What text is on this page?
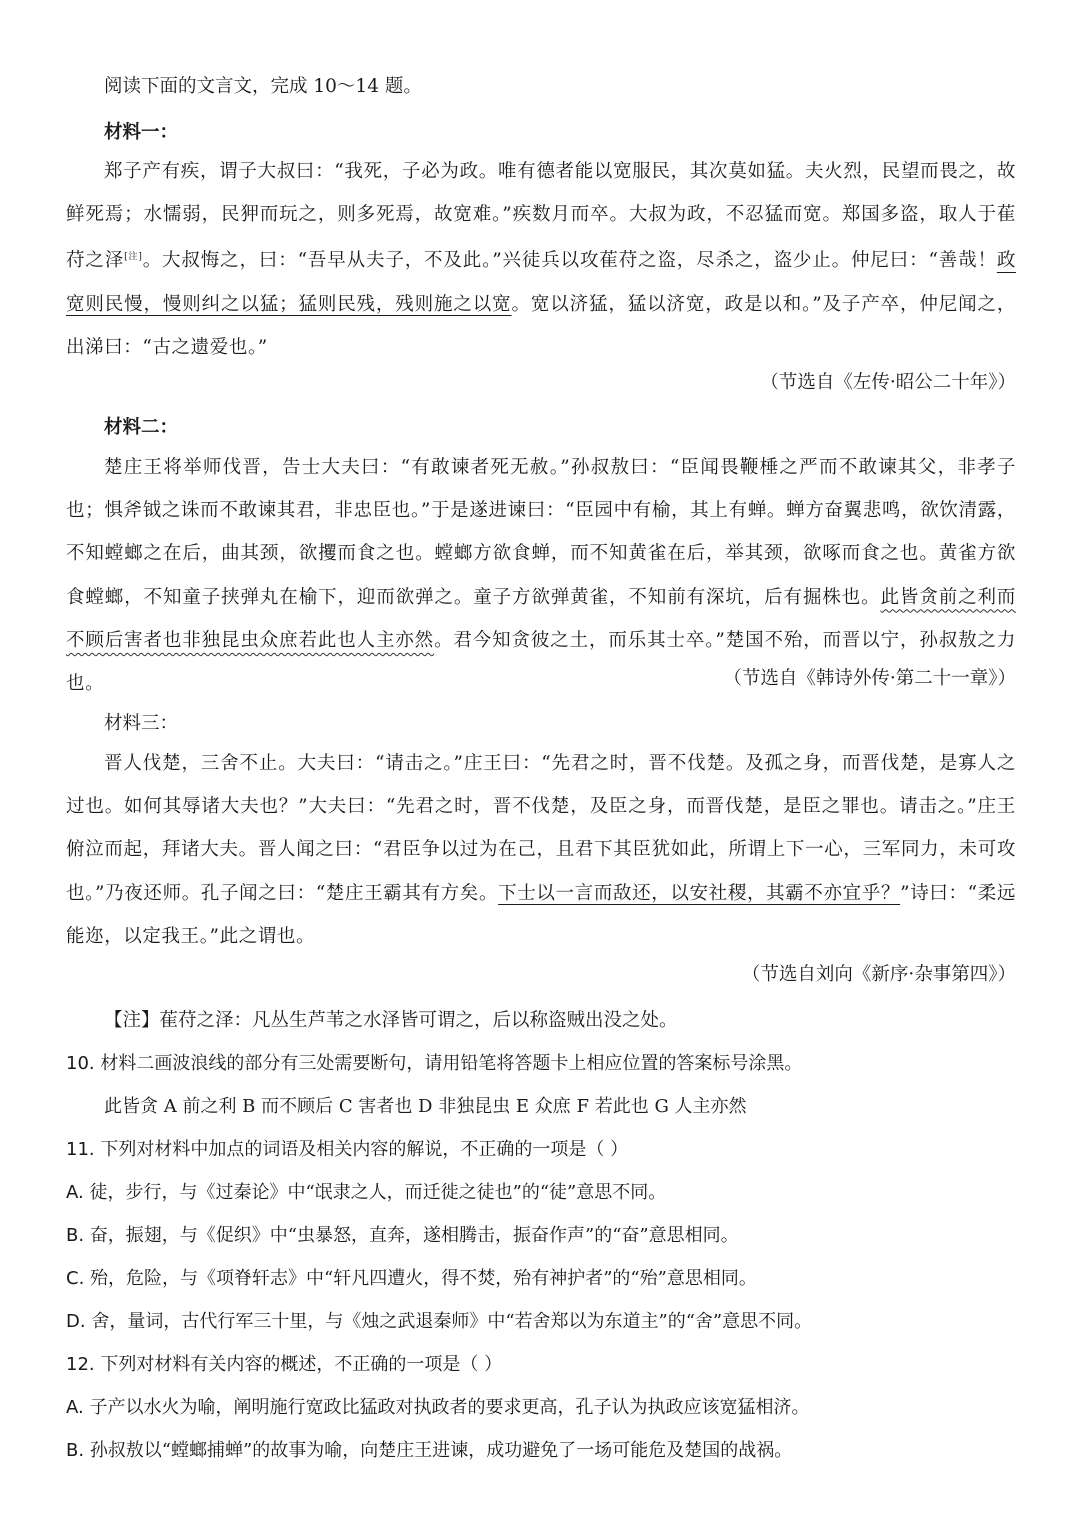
阅读下面的文言文，完成 10～14 题。
材料一：

郑子产有疾，谓子大叔曰：“我死，子必为政。唯有德者能以宽服民，其次莫如猛。夫火烈，民望而畏之，故鲜死焉；水懦弱，民狎而玩之，则多死焉，故宽难。”疾数月而卒。大叔为政，不忍猛而宽。郑国多盗，取人于萑苻之泽[注]。大叔悔之，曰：“吾早从夫子，不及此。”兴徒兵以攻萑苻之盗，尽杀之，盗少止。仲尼曰：“善哉！政宽则民慢，慢则纠之以猛；猛则民残，残则施之以宽。宽以济猛，猛以济宽，政是以和。”及子产卒，仲尼闻之，出涕曰：“古之遗爱也。”

（节选自《左传·昭公二十年》）
材料二：

楚庄王将举师伐晋，告士大夫曰：“有敢谏者死无赦。”孙叔敖曰：“臣闻畏鞭棰之严而不敢谏其父，非孝子也；惧斧钺之诛而不敢谏其君，非忠臣也。”于是遂进谏曰：“臣园中有榆，其上有蝉。蝉方奋翼悲鸣，欲饮清露，不知螳螂之在后，曲其颈，欲攫而食之也。螳螂方欲食蝉，而不知黄雀在后，举其颈，欲啄而食之也。黄雀方欲食螳螂，不知童子挟弹丸在榆下，迎而欲弹之。童子方欲弹黄雀，不知前有深坑，后有掘株也。此皆贪前之利而不顾后害者也非独昆虫众庶若此也人主亦然。君今知贪彼之土，而乐其士卒。”楚国不殆，而晋以宁，孙叔敖之力也。	（节选自《韩诗外传·第二十一章》）
材料三：

晋人伐楚，三舍不止。大夫曰：“请击之。”庄王曰：“先君之时，晋不伐楚。及孤之身，而晋伐楚，是寡人之过也。如何其辱诸大夫也？”大夫曰：“先君之时，晋不伐楚，及臣之身，而晋伐楚，是臣之罪也。请击之。”庄王俯泣而起，拜诸大夫。晋人闻之曰：“君臣争以过为在己，且君下其臣犹如此，所谓上下一心，三军同力，未可攻也。”乃夜还师。孔子闻之曰：“楚庄王霸其有方矣。下士以一言而敌还，以安社稷，其霸不亦宜乎？”诗曰：“柔远能迩，以定我王。”此之谓也。

（节选自刘向《新序·杂事第四》）
【注】萑苻之泽：凡丛生芦苇之水泽皆可谓之，后以称盗贼出没之处。
10. 材料二画波浪线的部分有三处需要断句，请用铅笔将答题卡上相应位置的答案标号涂黑。
此皆贪 A 前之利 B 而不顾后 C 害者也 D 非独昆虫 E 众庶 F 若此也 G 人主亦然
11. 下列对材料中加点的词语及相关内容的解说，不正确的一项是（ ）
A. 徒，步行，与《过秦论》中“氓隶之人，而迁徙之徒也”的“徒”意思不同。
B. 奋，振翅，与《促织》中“虫暴怒，直奔，遂相腾击，振奋作声”的“奋”意思相同。
C. 殆，危险，与《项脊轩志》中“轩凡四遭火，得不焚，殆有神护者”的“殆”意思相同。
D. 舍，量词，古代行军三十里，与《烛之武退秦师》中“若舍郑以为东道主”的“舍”意思不同。
12. 下列对材料有关内容的概述，不正确的一项是（ ）
A. 子产以水火为喻，阐明施行宽政比猛政对执政者的要求更高，孔子认为执政应该宽猛相济。
B. 孙叔敖以“螳螂捕蝉”的故事为喻，向楚庄王进谏，成功避免了一场可能危及楚国的战祸。
